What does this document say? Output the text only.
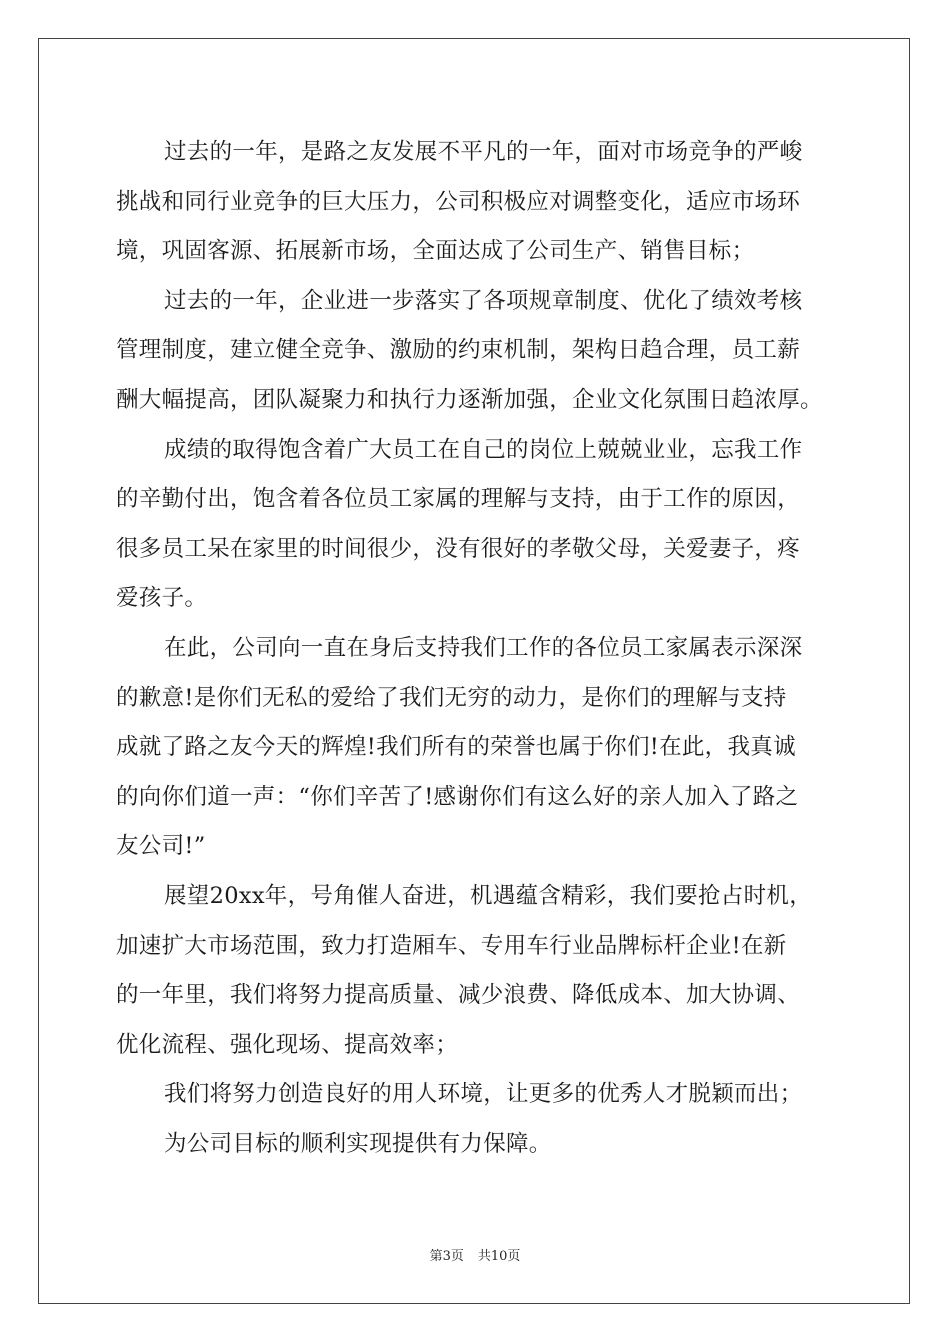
过去的一年，是路之友发展不平凡的一年，面对市场竞争的严峻
挑战和同行业竞争的巨大压力，公司积极应对调整变化，适应市场环
境，巩固客源、拓展新市场，全面达成了公司生产、销售目标；
过去的一年，企业进一步落实了各项规章制度、优化了绩效考核
管理制度，建立健全竞争、激励的约束机制，架构日趋合理，员工薪
酬大幅提高，团队凝聚力和执行力逐渐加强，企业文化氛围日趋浓厚。
成绩的取得饱含着广大员工在自己的岗位上兢兢业业，忘我工作
的辛勤付出，饱含着各位员工家属的理解与支持，由于工作的原因，
很多员工呆在家里的时间很少，没有很好的孝敬父母，关爱妻子，疼
爱孩子。
在此，公司向一直在身后支持我们工作的各位员工家属表示深深
的歉意!是你们无私的爱给了我们无穷的动力，是你们的理解与支持
成就了路之友今天的辉煌!我们所有的荣誉也属于你们!在此，我真诚
的向你们道一声：“你们辛苦了!感谢你们有这么好的亲人加入了路之
友公司!”
展望20xx年，号角催人奋进，机遇蕴含精彩，我们要抢占时机，
加速扩大市场范围，致力打造厢车、专用车行业品牌标杆企业!在新
的一年里，我们将努力提高质量、减少浪费、降低成本、加大协调、
优化流程、强化现场、提高效率；
我们将努力创造良好的用人环境，让更多的优秀人才脱颖而出；
为公司目标的顺利实现提供有力保障。
第3页 共10页
